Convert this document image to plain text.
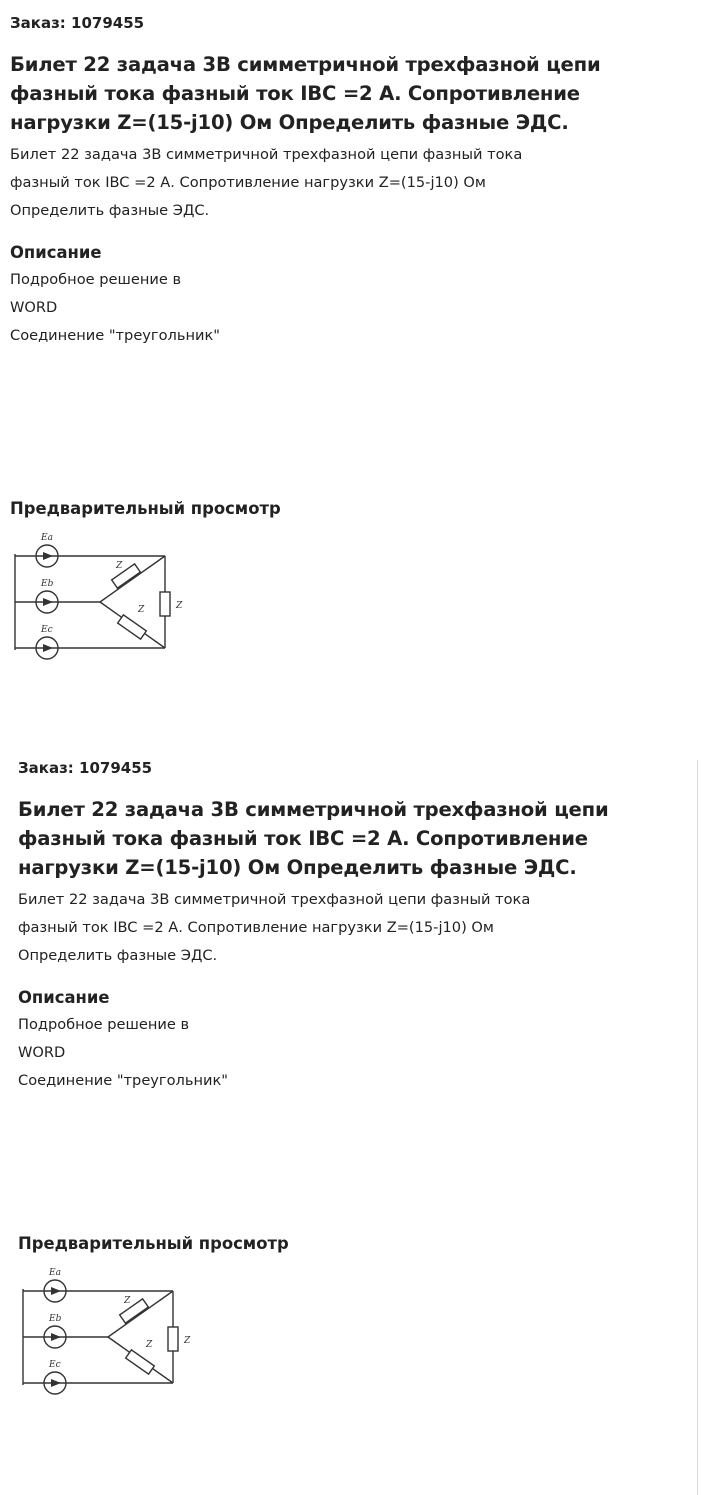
Заказ: 1079455
Билет 22 задача 3В симметричной трехфазной цепи
фазный тока фазный ток IBC =2 А. Сопротивление
нагрузки Z=(15-j10) Ом Определить фазные ЭДС.

Билет 22 задача 3В симметричной трехфазной цепи фазный тока
фазный ток IBC =2 А. Сопротивление нагрузки Z=(15-j10) Ом
Определить фазные ЭДС.

Описание

Подробное решение в
WORD

Соединение "треугольник"

Предварительный просмотр
Ea
Eb
Ec
Z
Z	Z
Заказ: 1079455
Билет 22 задача 3В симметричной трехфазной цепи
фазный тока фазный ток IBC =2 А. Сопротивление
нагрузки Z=(15-j10) Ом Определить фазные ЭДС.

Билет 22 задача 3В симметричной трехфазной цепи фазный тока
фазный ток IBC =2 А. Сопротивление нагрузки Z=(15-j10) Ом
Определить фазные ЭДС.

Описание

Подробное решение в
WORD

Соединение "треугольник"

Предварительный просмотр
Ea
Eb
Ec
Z
Z	Z
